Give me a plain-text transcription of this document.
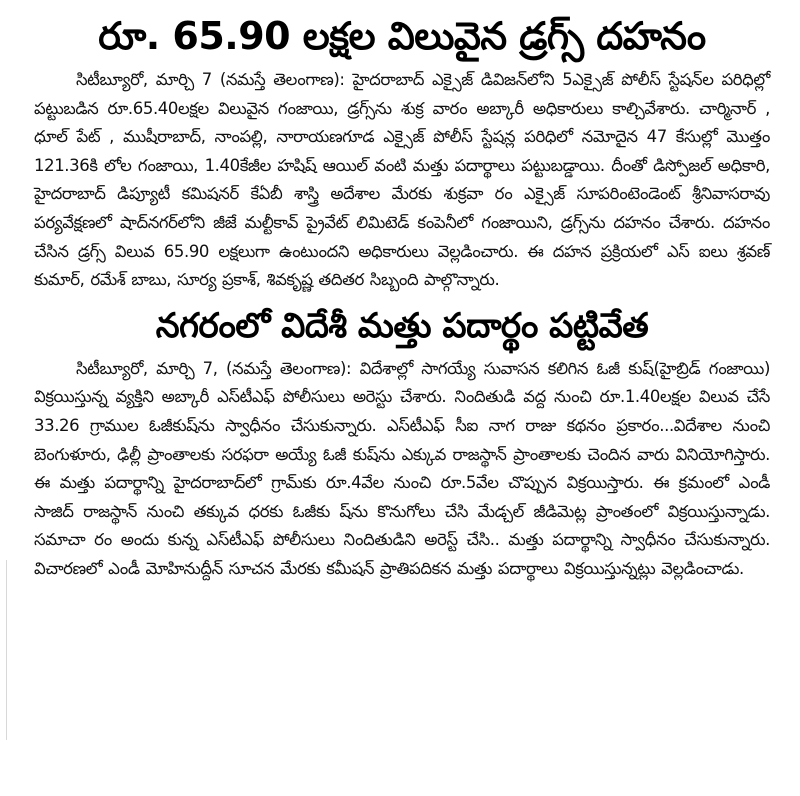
రూ. 65.90 లక్షల విలువైన డ్రగ్స్ దహనం

సిటీబ్యూరో, మార్చి 7 (నమస్తే తెలంగాణ): హైదరాబాద్ ఎక్సైజ్ డివిజన్‌లోని 5ఎక్సైజ్ పోలీస్ స్టేషన్‌ల పరిధిల్లో పట్టుబడిన రూ.65.40లక్షల విలువైన గంజాయి, డ్రగ్స్‌ను శుక్ర వారం అబ్కారీ అధికారులు కాల్చివేశారు. చార్మినార్ , ధూల్ పేట్ , ముషీరాబాద్, నాంపల్లి, నారాయణగూడ ఎక్సైజ్ పోలీస్ స్టేషన్ల పరిధిలో నమోదైన 47 కేసుల్లో మొత్తం 121.36కి లోల గంజాయి, 1.40కేజీల హషిష్ ఆయిల్ వంటి మత్తు పదార్థాలు పట్టుబడ్డాయి. దీంతో డిస్పోజల్ అధికారి, హైదరాబాద్ డిప్యూటీ కమిషనర్ కేఏబీ శాస్త్రి అదేశాల మేరకు శుక్రవా రం ఎక్సైజ్ సూపరింటెండెంట్ శ్రీనివాసరావు పర్యవేక్షణలో షాద్‌నగర్‌లోని జీజే మల్టీకావ్ ప్రైవేట్ లిమిటెడ్ కంపెనీలో గంజాయిని, డ్రగ్స్‌ను దహనం చేశారు. దహనం చేసిన డ్రగ్స్ విలువ 65.90 లక్షలుగా ఉంటుందని అధికారులు వెల్లడించారు. ఈ దహన ప్రక్రియలో ఎస్ ఐలు శ్రవణ్ కుమార్, రమేశ్ బాబు, సూర్య ప్రకాశ్, శివకృష్ణ తదితర సిబ్బంది పాల్గొన్నారు.

నగరంలో విదేశీ మత్తు పదార్థం పట్టివేత

సిటీబ్యూరో, మార్చి 7, (నమస్తే తెలంగాణ): విదేశాల్లో సాగయ్యే సువాసన కలిగిన ఓజీ కుష్(హైబ్రిడ్ గంజాయి) విక్రయిస్తున్న వ్యక్తిని అబ్కారీ ఎస్‌టీఎఫ్ పోలీసులు అరెస్టు చేశారు. నిందితుడి వద్ద నుంచి రూ.1.40లక్షల విలువ చేసే 33.26 గ్రాముల ఓజీకుష్‌ను స్వాధీనం చేసుకున్నారు. ఎస్‌టీఎఫ్ సీఐ నాగ రాజు కథనం ప్రకారం...విదేశాల నుంచి బెంగుళూరు, ఢిల్లీ ప్రాంతాలకు సరఫరా అయ్యే ఓజీ కుష్‌ను ఎక్కువ రాజస్థాన్ ప్రాంతాలకు చెందిన వారు వినియోగిస్తారు. ఈ మత్తు పదార్థాన్ని హైదరాబాద్‌లో గ్రామ్‌కు రూ.4వేల నుంచి రూ.5వేల చొప్పున విక్రయిస్తారు. ఈ క్రమంలో ఎండీ సాజిద్ రాజస్థాన్ నుంచి తక్కువ ధరకు ఓజీకు ష్‌ను కొనుగోలు చేసి మేడ్చల్ జీడిమెట్ల ప్రాంతంలో విక్రయిస్తున్నాడు. సమాచా రం అందు కున్న ఎస్‌టీఎఫ్ పోలీసులు నిందితుడిని అరెస్ట్ చేసి.. మత్తు పదార్థాన్ని స్వాధీనం చేసుకున్నారు. విచారణలో ఎండీ మోహినుద్దీన్ సూచన మేరకు కమీషన్ ప్రాతిపదికన మత్తు పదార్థాలు విక్రయిస్తున్నట్లు వెల్లడించాడు.
